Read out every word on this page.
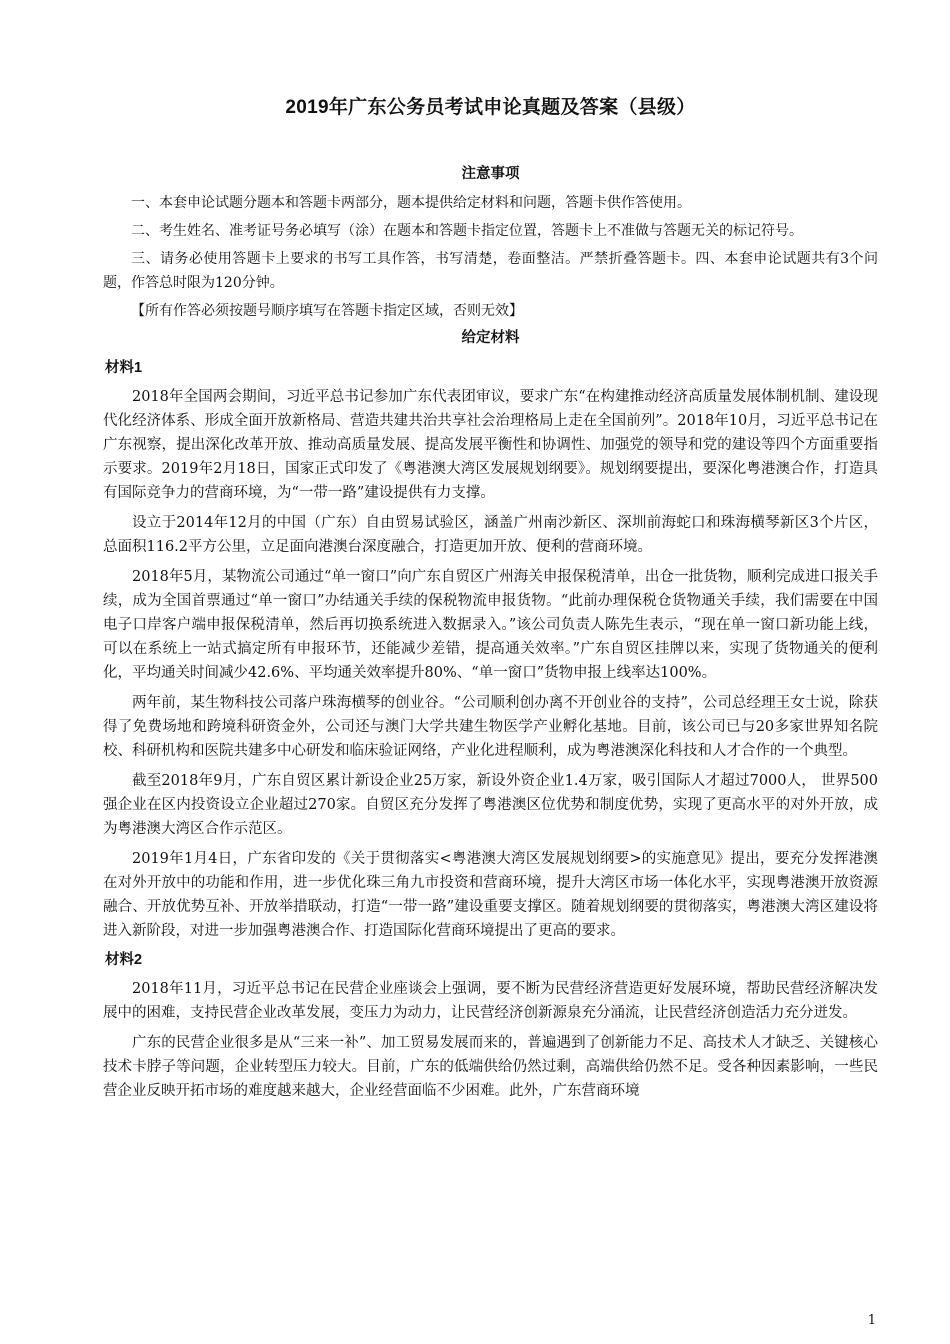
2019年广东公务员考试申论真题及答案（县级）
注意事项

一、本套申论试题分题本和答题卡两部分，题本提供给定材料和问题，答题卡供作答使用。

二、考生姓名、准考证号务必填写（涂）在题本和答题卡指定位置，答题卡上不准做与答题无关的标记符号。

三、请务必使用答题卡上要求的书写工具作答，书写清楚，卷面整洁。严禁折叠答题卡。四、本套申论试题共有3个问题，作答总时限为120分钟。

【所有作答必须按题号顺序填写在答题卡指定区域，否则无效】
给定材料
材料1

2018年全国两会期间，习近平总书记参加广东代表团审议，要求广东“在构建推动经济高质量发展体制机制、建设现代化经济体系、形成全面开放新格局、营造共建共治共享社会治理格局上走在全国前列”。2018年10月，习近平总书记在广东视察，提出深化改革开放、推动高质量发展、提高发展平衡性和协调性、加强党的领导和党的建设等四个方面重要指示要求。2019年2月18日，国家正式印发了《粤港澳大湾区发展规划纲要》。规划纲要提出，要深化粤港澳合作，打造具有国际竞争力的营商环境，为“一带一路”建设提供有力支撑。

设立于2014年12月的中国（广东）自由贸易试验区，涵盖广州南沙新区、深圳前海蛇口和珠海横琴新区3个片区，总面积116.2平方公里，立足面向港澳台深度融合，打造更加开放、便利的营商环境。

2018年5月，某物流公司通过“单一窗口”向广东自贸区广州海关申报保税清单，出仓一批货物，顺利完成进口报关手续，成为全国首票通过“单一窗口”办结通关手续的保税物流申报货物。“此前办理保税仓货物通关手续，我们需要在中国电子口岸客户端申报保税清单，然后再切换系统进入数据录入。”该公司负责人陈先生表示，“现在单一窗口新功能上线，可以在系统上一站式搞定所有申报环节，还能减少差错，提高通关效率。”广东自贸区挂牌以来，实现了货物通关的便利化，平均通关时间减少42.6%、平均通关效率提升80%、“单一窗口”货物申报上线率达100%。

两年前，某生物科技公司落户珠海横琴的创业谷。“公司顺利创办离不开创业谷的支持”，公司总经理王女士说，除获得了免费场地和跨境科研资金外，公司还与澳门大学共建生物医学产业孵化基地。目前，该公司已与20多家世界知名院校、科研机构和医院共建多中心研发和临床验证网络，产业化进程顺利，成为粤港澳深化科技和人才合作的一个典型。

截至2018年9月，广东自贸区累计新设企业25万家，新设外资企业1.4万家，吸引国际人才超过7000人， 世界500强企业在区内投资设立企业超过270家。自贸区充分发挥了粤港澳区位优势和制度优势，实现了更高水平的对外开放，成为粤港澳大湾区合作示范区。

2019年1月4日，广东省印发的《关于贯彻落实<粤港澳大湾区发展规划纲要>的实施意见》提出，要充分发挥港澳在对外开放中的功能和作用，进一步优化珠三角九市投资和营商环境，提升大湾区市场一体化水平，实现粤港澳开放资源融合、开放优势互补、开放举措联动，打造“一带一路”建设重要支撑区。随着规划纲要的贯彻落实，粤港澳大湾区建设将进入新阶段，对进一步加强粤港澳合作、打造国际化营商环境提出了更高的要求。

材料2

2018年11月，习近平总书记在民营企业座谈会上强调，要不断为民营经济营造更好发展环境，帮助民营经济解决发展中的困难，支持民营企业改革发展，变压力为动力，让民营经济创新源泉充分涌流，让民营经济创造活力充分迸发。

广东的民营企业很多是从“三来一补”、加工贸易发展而来的，普遍遇到了创新能力不足、高技术人才缺乏、关键核心技术卡脖子等问题，企业转型压力较大。目前，广东的低端供给仍然过剩，高端供给仍然不足。受各种因素影响，一些民营企业反映开拓市场的难度越来越大，企业经营面临不少困难。此外，广东营商环境

1
